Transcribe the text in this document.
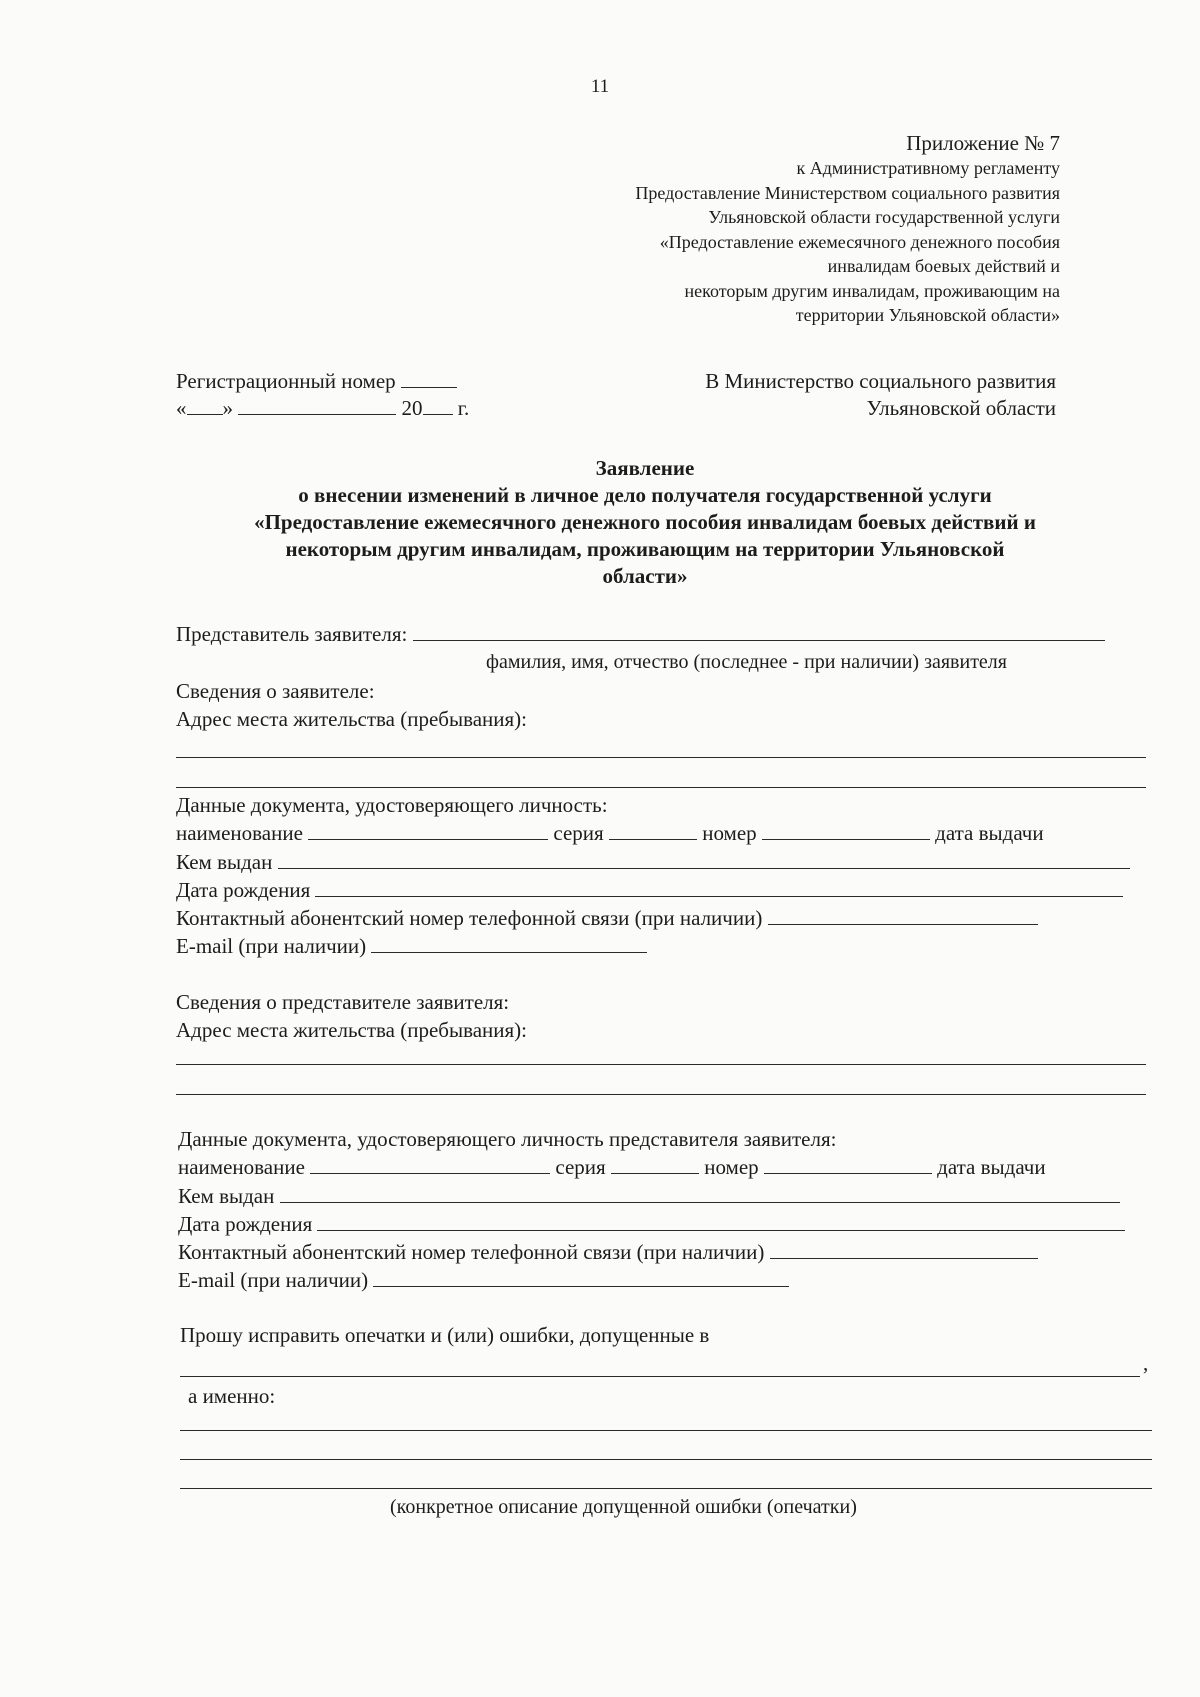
11
Приложение № 7
к Административному регламенту
Предоставление Министерством социального развития
Ульяновской области государственной услуги
«Предоставление ежемесячного денежного пособия
инвалидам боевых действий и
некоторым другим инвалидам, проживающим на
территории Ульяновской области»
Регистрационный номер
« »	20 г.
В Министерство социального развития
Ульяновской области
Заявление
о внесении изменений в личное дело получателя государственной услуги
«Предоставление ежемесячного денежного пособия инвалидам боевых действий и
некоторым другим инвалидам, проживающим на территории Ульяновской
области»
Представитель заявителя:
фамилия, имя, отчество (последнее - при наличии) заявителя
Сведения о заявителе:
Адрес места жительства (пребывания):
Данные документа, удостоверяющего личность:
наименование	серия	номер	дата выдачи
Кем выдан
Дата рождения
Контактный абонентский номер телефонной связи (при наличии)
E-mail (при наличии)
Сведения о представителе заявителя:
Адрес места жительства (пребывания):
Данные документа, удостоверяющего личность представителя заявителя:
наименование	серия	номер	дата выдачи
Кем выдан
Дата рождения
Контактный абонентский номер телефонной связи (при наличии)
E-mail (при наличии)
Прошу исправить опечатки и (или) ошибки, допущенные в
,
а именно:
(конкретное описание допущенной ошибки (опечатки)
